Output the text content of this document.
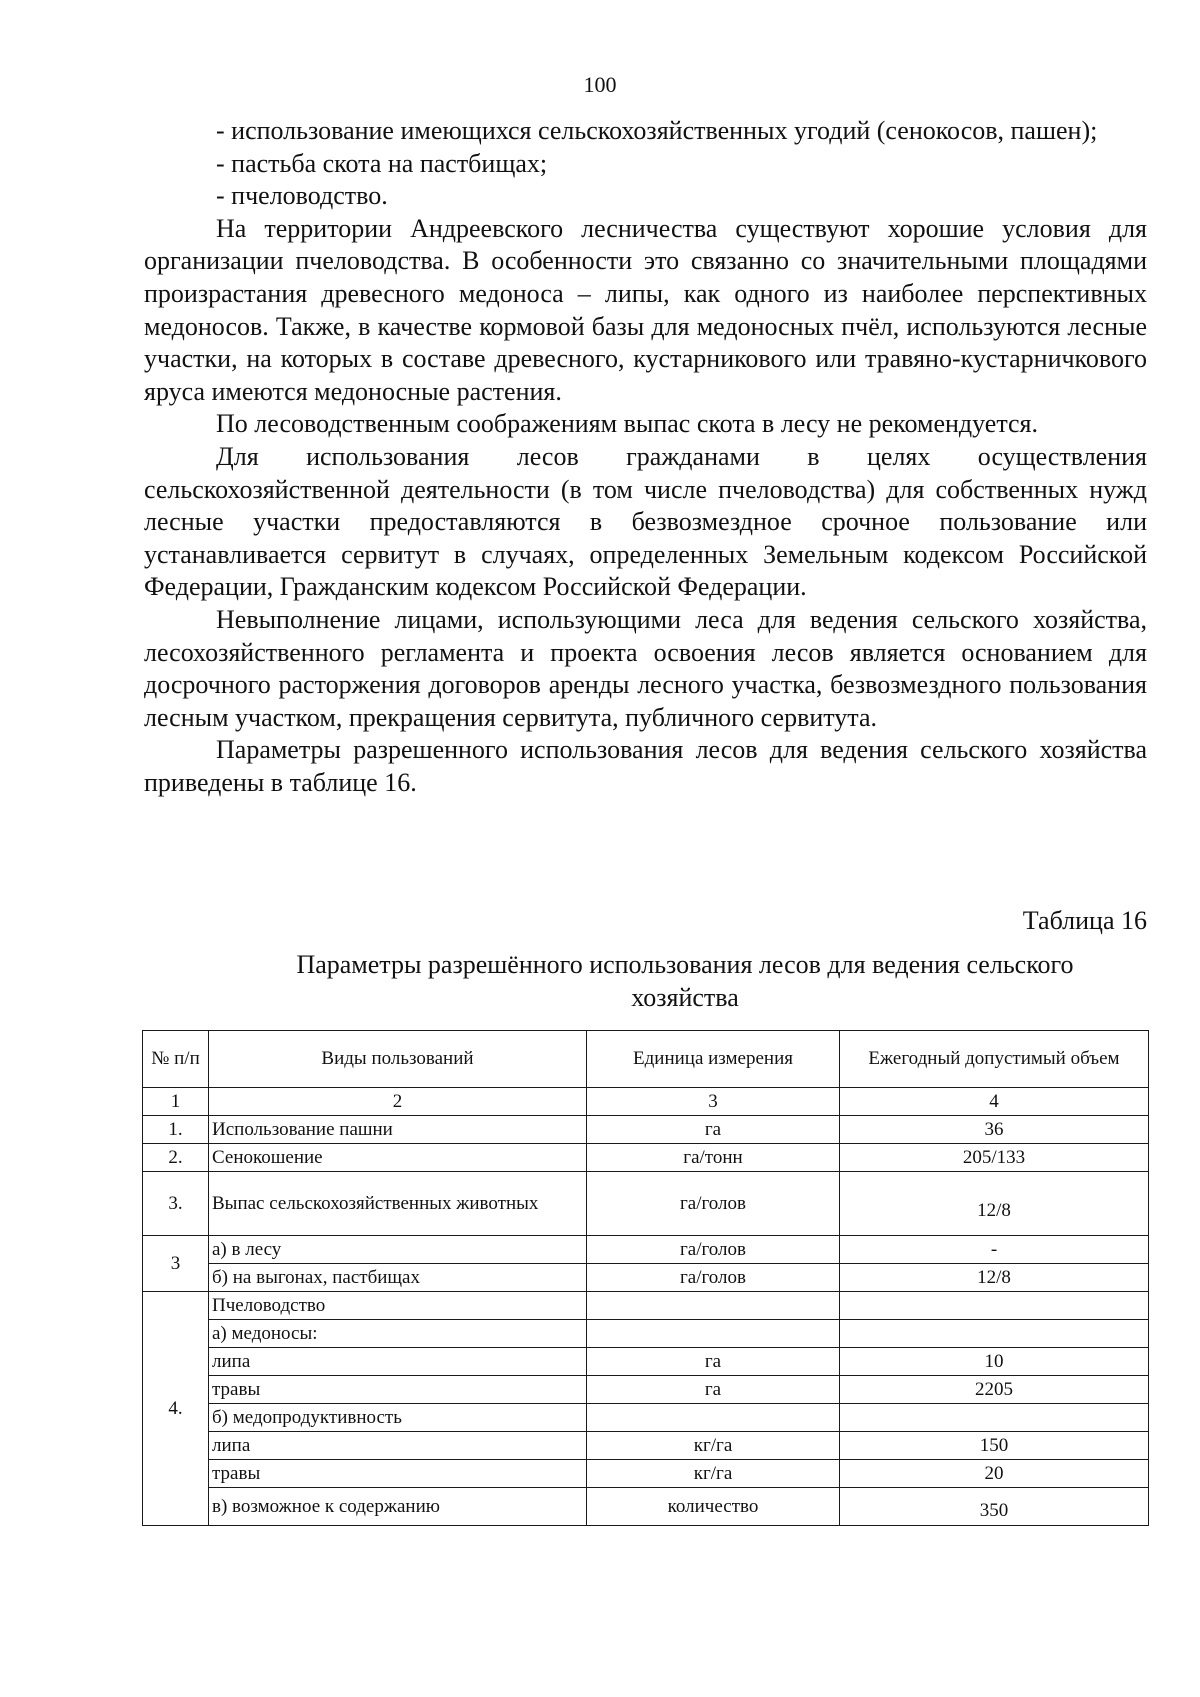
100

- использование имеющихся сельскохозяйственных угодий (сенокосов, пашен);

- пастьба скота на пастбищах;

- пчеловодство.

На территории Андреевского лесничества существуют хорошие условия для организации пчеловодства. В особенности это связанно со значительными площадями произрастания древесного медоноса – липы, как одного из наиболее перспективных медоносов. Также, в качестве кормовой базы для медоносных пчёл, используются лесные участки, на которых в составе древесного, кустарникового или травяно-кустарничкового яруса имеются медоносные растения.

По лесоводственным соображениям выпас скота в лесу не рекомендуется.

Для использования лесов гражданами в целях осуществления сельскохозяйственной деятельности (в том числе пчеловодства) для собственных нужд лесные участки предоставляются в безвозмездное срочное пользование или устанавливается сервитут в случаях, определенных Земельным кодексом Российской Федерации, Гражданским кодексом Российской Федерации.

Невыполнение лицами, использующими леса для ведения сельского хозяйства, лесохозяйственного регламента и проекта освоения лесов является основанием для досрочного расторжения договоров аренды лесного участка, безвозмездного пользования лесным участком, прекращения сервитута, публичного сервитута.

Параметры разрешенного использования лесов для ведения сельского хозяйства приведены в таблице 16.

Таблица 16
Параметры разрешённого использования лесов для ведения сельского хозяйства
№ п/п	Виды пользований	Единица измерения	Ежегодный допустимый объем
1	2	3	4
1.	Использование пашни	га	36
2.	Сенокошение	га/тонн	205/133
3.	Выпас сельскохозяйственных животных	га/голов	12/8
3	а) в лесу	га/голов	-
	б) на выгонах, пастбищах	га/голов	12/8
4.	Пчеловодство		
	а) медоносы:		
	липа	га	10
	травы	га	2205
	б) медопродуктивность		
	липа	кг/га	150
	травы	кг/га	20
	в) возможное к содержанию	количество	350
